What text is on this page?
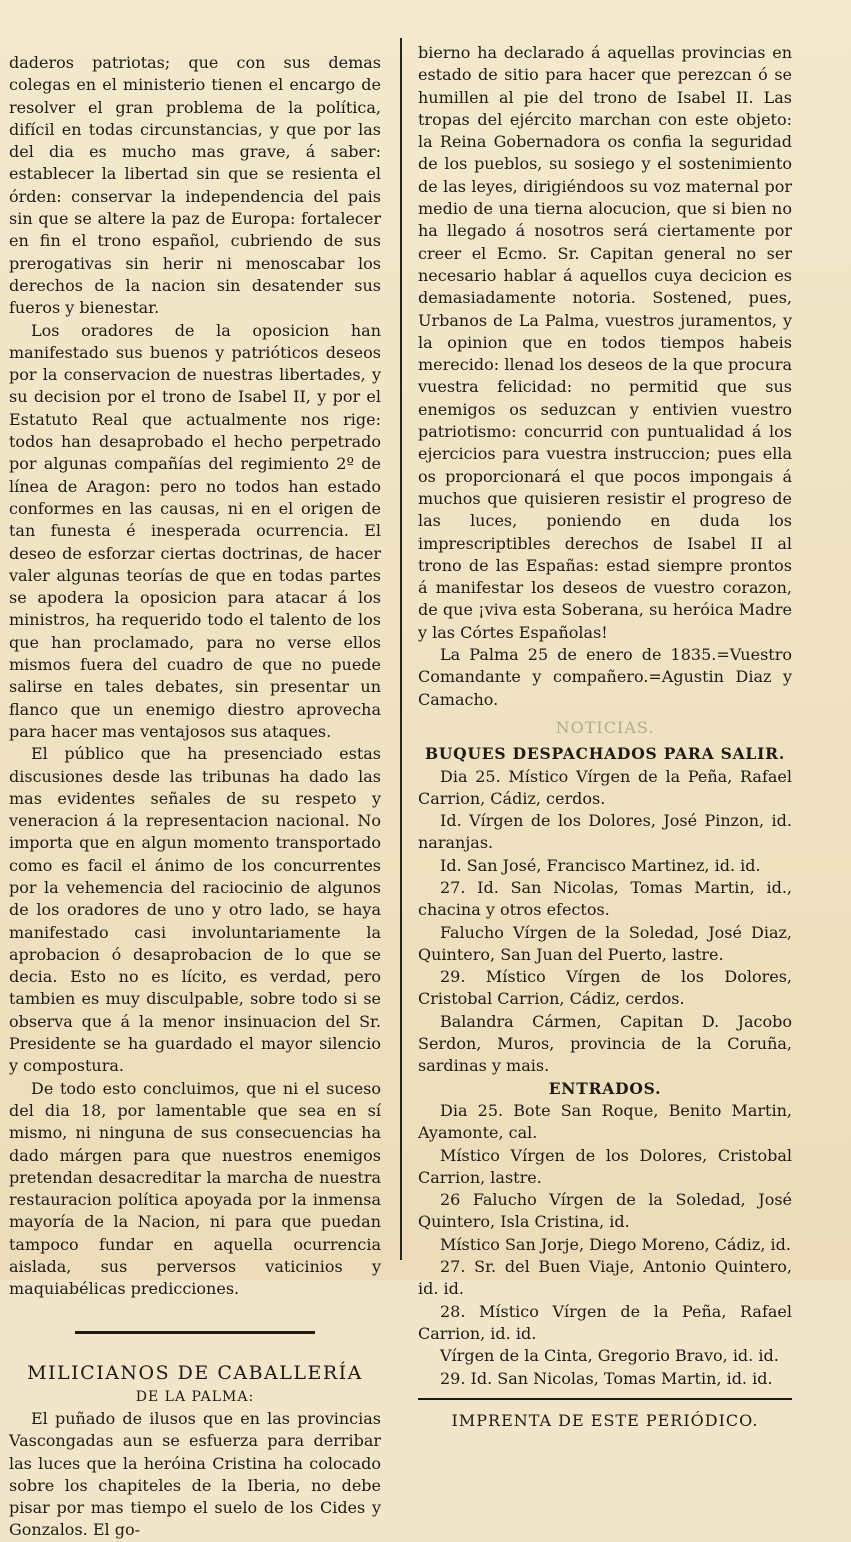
daderos patriotas; que con sus demas colegas en el ministerio tienen el encargo de resolver el gran problema de la política, difícil en todas circunstancias, y que por las del dia es mucho mas grave, á saber: establecer la libertad sin que se resienta el órden: conservar la independencia del pais sin que se altere la paz de Europa: fortalecer en fin el trono español, cubriendo de sus prerogativas sin herir ni menoscabar los derechos de la nacion sin desatender sus fueros y bienestar.

Los oradores de la oposicion han manifestado sus buenos y patrióticos deseos por la conservacion de nuestras libertades, y su decision por el trono de Isabel II, y por el Estatuto Real que actualmente nos rige: todos han desaprobado el hecho perpetrado por algunas compañías del regimiento 2º de línea de Aragon: pero no todos han estado conformes en las causas, ni en el origen de tan funesta é inesperada ocurrencia. El deseo de esforzar ciertas doctrinas, de hacer valer algunas teorías de que en todas partes se apodera la oposicion para atacar á los ministros, ha requerido todo el talento de los que han proclamado, para no verse ellos mismos fuera del cuadro de que no puede salirse en tales debates, sin presentar un flanco que un enemigo diestro aprovecha para hacer mas ventajosos sus ataques.

El público que ha presenciado estas discusiones desde las tribunas ha dado las mas evidentes señales de su respeto y veneracion á la representacion nacional. No importa que en algun momento transportado como es facil el ánimo de los concurrentes por la vehemencia del raciocinio de algunos de los oradores de uno y otro lado, se haya manifestado casi involuntariamente la aprobacion ó desaprobacion de lo que se decia. Esto no es lícito, es verdad, pero tambien es muy disculpable, sobre todo si se observa que á la menor insinuacion del Sr. Presidente se ha guardado el mayor silencio y compostura.

De todo esto concluimos, que ni el suceso del dia 18, por lamentable que sea en sí mismo, ni ninguna de sus consecuencias ha dado márgen para que nuestros enemigos pretendan desacreditar la marcha de nuestra restauracion política apoyada por la inmensa mayoría de la Nacion, ni para que puedan tampoco fundar en aquella ocurrencia aislada, sus perversos vaticinios y maquiabélicas predicciones.

MILICIANOS DE CABALLERÍA

DE LA PALMA:

El puñado de ilusos que en las provincias Vascongadas aun se esfuerza para derribar las luces que la heróina Cristina ha colocado sobre los chapiteles de la Iberia, no debe pisar por mas tiempo el suelo de los Cides y Gonzalos. El go-

bierno ha declarado á aquellas provincias en estado de sitio para hacer que perezcan ó se humillen al pie del trono de Isabel II. Las tropas del ejército marchan con este objeto: la Reina Gobernadora os confia la seguridad de los pueblos, su sosiego y el sostenimiento de las leyes, dirigiéndoos su voz maternal por medio de una tierna alocucion, que si bien no ha llegado á nosotros será ciertamente por creer el Ecmo. Sr. Capitan general no ser necesario hablar á aquellos cuya decicion es demasiadamente notoria. Sostened, pues, Urbanos de La Palma, vuestros juramentos, y la opinion que en todos tiempos habeis merecido: llenad los deseos de la que procura vuestra felicidad: no permitid que sus enemigos os seduzcan y entivien vuestro patriotismo: concurrid con puntualidad á los ejercicios para vuestra instruccion; pues ella os proporcionará el que pocos impongais á muchos que quisieren resistir el progreso de las luces, poniendo en duda los imprescriptibles derechos de Isabel II al trono de las Españas: estad siempre prontos á manifestar los deseos de vuestro corazon, de que ¡viva esta Soberana, su heróica Madre y las Córtes Españolas!

La Palma 25 de enero de 1835.=Vuestro Comandante y compañero.=Agustin Diaz y Camacho.

NOTICIAS.

BUQUES DESPACHADOS PARA SALIR.

Dia 25. Místico Vírgen de la Peña, Rafael Carrion, Cádiz, cerdos.

Id. Vírgen de los Dolores, José Pinzon, id. naranjas.

Id. San José, Francisco Martinez, id. id.

27. Id. San Nicolas, Tomas Martin, id., chacina y otros efectos.

Falucho Vírgen de la Soledad, José Diaz, Quintero, San Juan del Puerto, lastre.

29. Místico Vírgen de los Dolores, Cristobal Carrion, Cádiz, cerdos.

Balandra Cármen, Capitan D. Jacobo Serdon, Muros, provincia de la Coruña, sardinas y mais.

ENTRADOS.

Dia 25. Bote San Roque, Benito Martin, Ayamonte, cal.

Místico Vírgen de los Dolores, Cristobal Carrion, lastre.

26 Falucho Vírgen de la Soledad, José Quintero, Isla Cristina, id.

Místico San Jorje, Diego Moreno, Cádiz, id.

27. Sr. del Buen Viaje, Antonio Quintero, id. id.

28. Místico Vírgen de la Peña, Rafael Carrion, id. id.

Vírgen de la Cinta, Gregorio Bravo, id. id.

29. Id. San Nicolas, Tomas Martin, id. id.

IMPRENTA DE ESTE PERIÓDICO.
